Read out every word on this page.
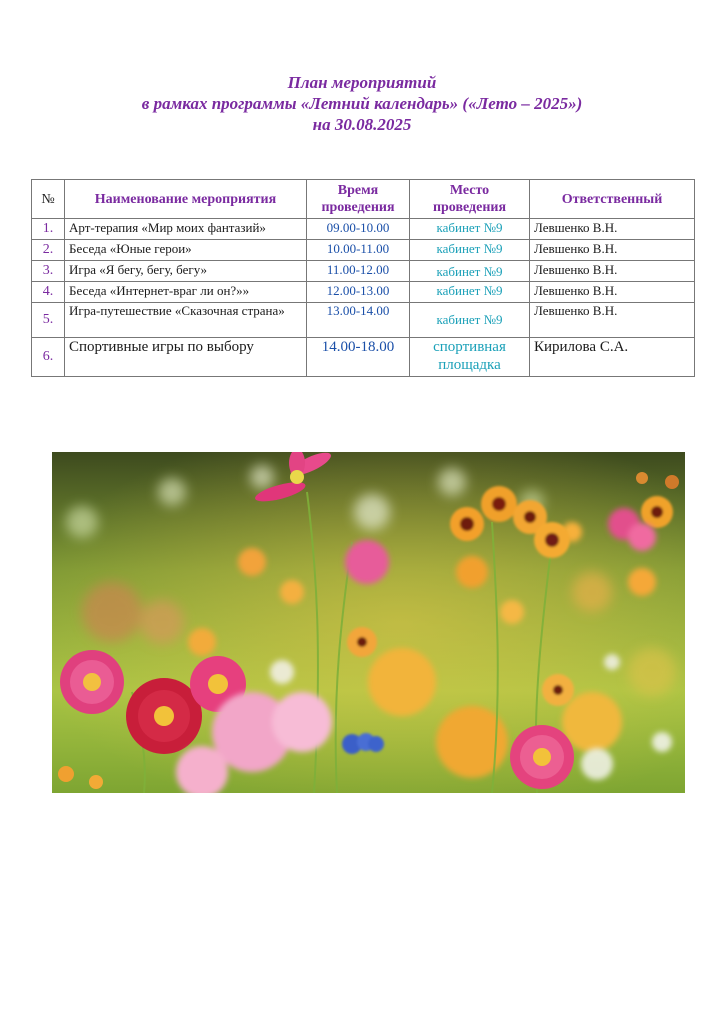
План мероприятий
в рамках программы «Летний календарь» («Лето – 2025»)
на 30.08.2025
№	Наименование мероприятия	Время проведения	Место проведения	Ответственный
1.	Арт-терапия «Мир моих фантазий»	09.00-10.00	кабинет №9	Левшенко В.Н.
2.	Беседа «Юные герои»	10.00-11.00	кабинет №9	Левшенко В.Н.
3.	Игра «Я бегу, бегу, бегу»	11.00-12.00	кабинет №9	Левшенко В.Н.
4.	Беседа «Интернет-враг ли он?»»	12.00-13.00	кабинет №9	Левшенко В.Н.
5.	Игра-путешествие «Сказочная страна»	13.00-14.00	кабинет №9	Левшенко В.Н.
6.	Спортивные игры по выбору	14.00-18.00	спортивная площадка	Кирилова С.А.
